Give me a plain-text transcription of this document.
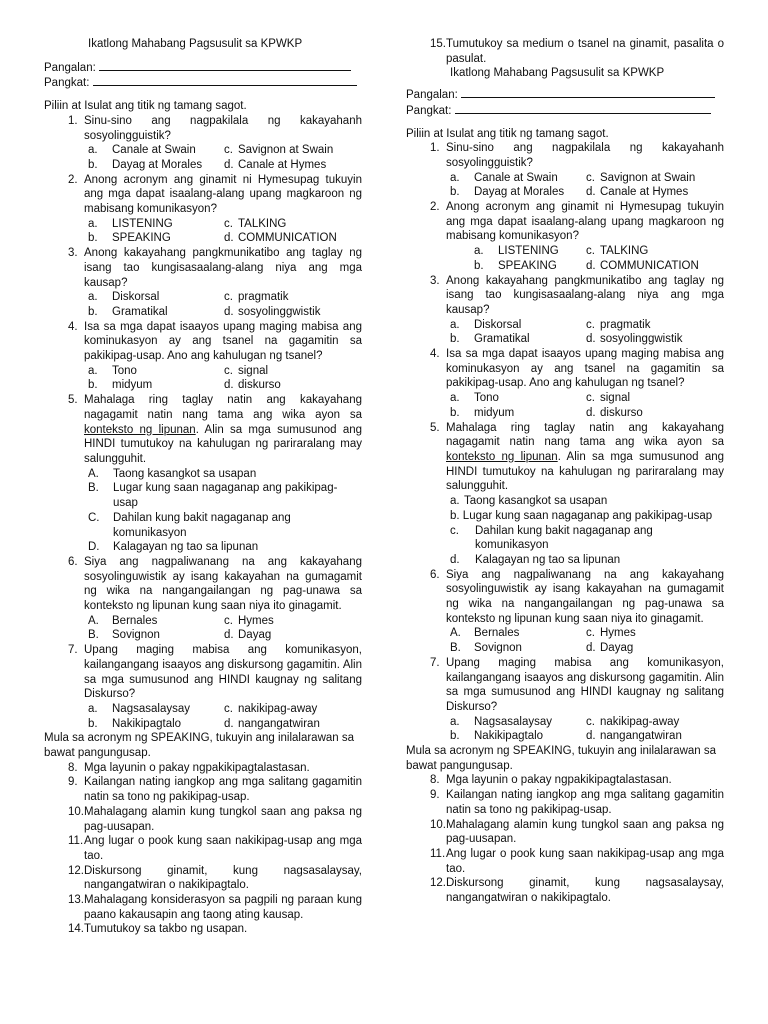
Ikatlong Mahabang Pagsusulit sa KPWKP
Pangalan:
Pangkat:
Piliin at Isulat ang titik ng tamang sagot.
1. Sinu-sino ang nagpakilala ng kakayahanh sosyolingguistik?
a. Canale at Swain	c. Savignon at Swain
b. Dayag at Morales	d. Canale at Hymes
2. Anong acronym ang ginamit ni Hymesupag tukuyin ang mga dapat isaalang-alang upang magkaroon ng mabisang komunikasyon?
a. LISTENING	c. TALKING
b. SPEAKING	d. COMMUNICATION
3. Anong kakayahang pangkmunikatibo ang taglay ng isang tao kungisasaalang-alang niya ang mga kausap?
a. Diskorsal	c. pragmatik
b. Gramatikal	d. sosyolinggwistik
4. Isa sa mga dapat isaayos upang maging mabisa ang kominukasyon ay ang tsanel na gagamitin sa pakikipag-usap. Ano ang kahulugan ng tsanel?
a. Tono	c. signal
b. midyum	d. diskurso
5. Mahalaga ring taglay natin ang kakayahang nagagamit natin nang tama ang wika ayon sa konteksto ng lipunan. Alin sa mga sumusunod ang HINDI tumutukoy na kahulugan ng pariraralang may salungguhit.
A. Taong kasangkot sa usapan
B. Lugar kung saan nagaganap ang pakikipag-usap
C. Dahilan kung bakit nagaganap ang komunikasyon
D. Kalagayan ng tao sa lipunan
6. Siya ang nagpaliwanang na ang kakayahang sosyolinguwistik ay isang kakayahan na gumagamit ng wika na nangangailangan ng pag-unawa sa konteksto ng lipunan kung saan niya ito ginagamit.
A. Bernales	c. Hymes
B. Sovignon	d. Dayag
7. Upang maging mabisa ang komunikasyon, kailangangang isaayos ang diskursong gagamitin. Alin sa mga sumusunod ang HINDI kaugnay ng salitang Diskurso?
a. Nagsasalaysay	c. nakikipag-away
b. Nakikipagtalo	d. nangangatwiran
Mula sa acronym ng SPEAKING, tukuyin ang inilalarawan sa bawat pangungusap.
8. Mga layunin o pakay ngpakikipagtalastasan.
9. Kailangan nating iangkop ang mga salitang gagamitin natin sa tono ng pakikipag-usap.
10. Mahalagang alamin kung tungkol saan ang paksa ng pag-uusapan.
11. Ang lugar o pook kung saan nakikipag-usap ang mga tao.
12. Diskursong ginamit, kung nagsasalaysay, nangangatwiran o nakikipagtalo.
13. Mahalagang konsiderasyon sa pagpili ng paraan kung paano kakausapin ang taong ating kausap.
14. Tumutukoy sa takbo ng usapan.
15. Tumutukoy sa medium o tsanel na ginamit, pasalita o pasulat.
Ikatlong Mahabang Pagsusulit sa KPWKP
Pangalan:
Pangkat:
Piliin at Isulat ang titik ng tamang sagot.
1. Sinu-sino ang nagpakilala ng kakayahanh sosyolingguistik?
a. Canale at Swain	c. Savignon at Swain
b. Dayag at Morales	d. Canale at Hymes
2. Anong acronym ang ginamit ni Hymesupag tukuyin ang mga dapat isaalang-alang upang magkaroon ng mabisang komunikasyon?
a. LISTENING	c. TALKING
b. SPEAKING	d. COMMUNICATION
3. Anong kakayahang pangkmunikatibo ang taglay ng isang tao kungisasaalang-alang niya ang mga kausap?
a. Diskorsal	c. pragmatik
b. Gramatikal	d. sosyolinggwistik
4. Isa sa mga dapat isaayos upang maging mabisa ang kominukasyon ay ang tsanel na gagamitin sa pakikipag-usap. Ano ang kahulugan ng tsanel?
a. Tono	c. signal
b. midyum	d. diskurso
5. Mahalaga ring taglay natin ang kakayahang nagagamit natin nang tama ang wika ayon sa konteksto ng lipunan. Alin sa mga sumusunod ang HINDI tumutukoy na kahulugan ng pariraralang may salungguhit.
a. Taong kasangkot sa usapan
b. Lugar kung saan nagaganap ang pakikipag-usap
c. Dahilan kung bakit nagaganap ang komunikasyon
d. Kalagayan ng tao sa lipunan
6. Siya ang nagpaliwanang na ang kakayahang sosyolinguwistik ay isang kakayahan na gumagamit ng wika na nangangailangan ng pag-unawa sa konteksto ng lipunan kung saan niya ito ginagamit.
A. Bernales	c. Hymes
B. Sovignon	d. Dayag
7. Upang maging mabisa ang komunikasyon, kailangangang isaayos ang diskursong gagamitin. Alin sa mga sumusunod ang HINDI kaugnay ng salitang Diskurso?
a. Nagsasalaysay	c. nakikipag-away
b. Nakikipagtalo	d. nangangatwiran
Mula sa acronym ng SPEAKING, tukuyin ang inilalarawan sa bawat pangungusap.
8. Mga layunin o pakay ngpakikipagtalastasan.
9. Kailangan nating iangkop ang mga salitang gagamitin natin sa tono ng pakikipag-usap.
10. Mahalagang alamin kung tungkol saan ang paksa ng pag-uusapan.
11. Ang lugar o pook kung saan nakikipag-usap ang mga tao.
12. Diskursong ginamit, kung nagsasalaysay, nangangatwiran o nakikipagtalo.
